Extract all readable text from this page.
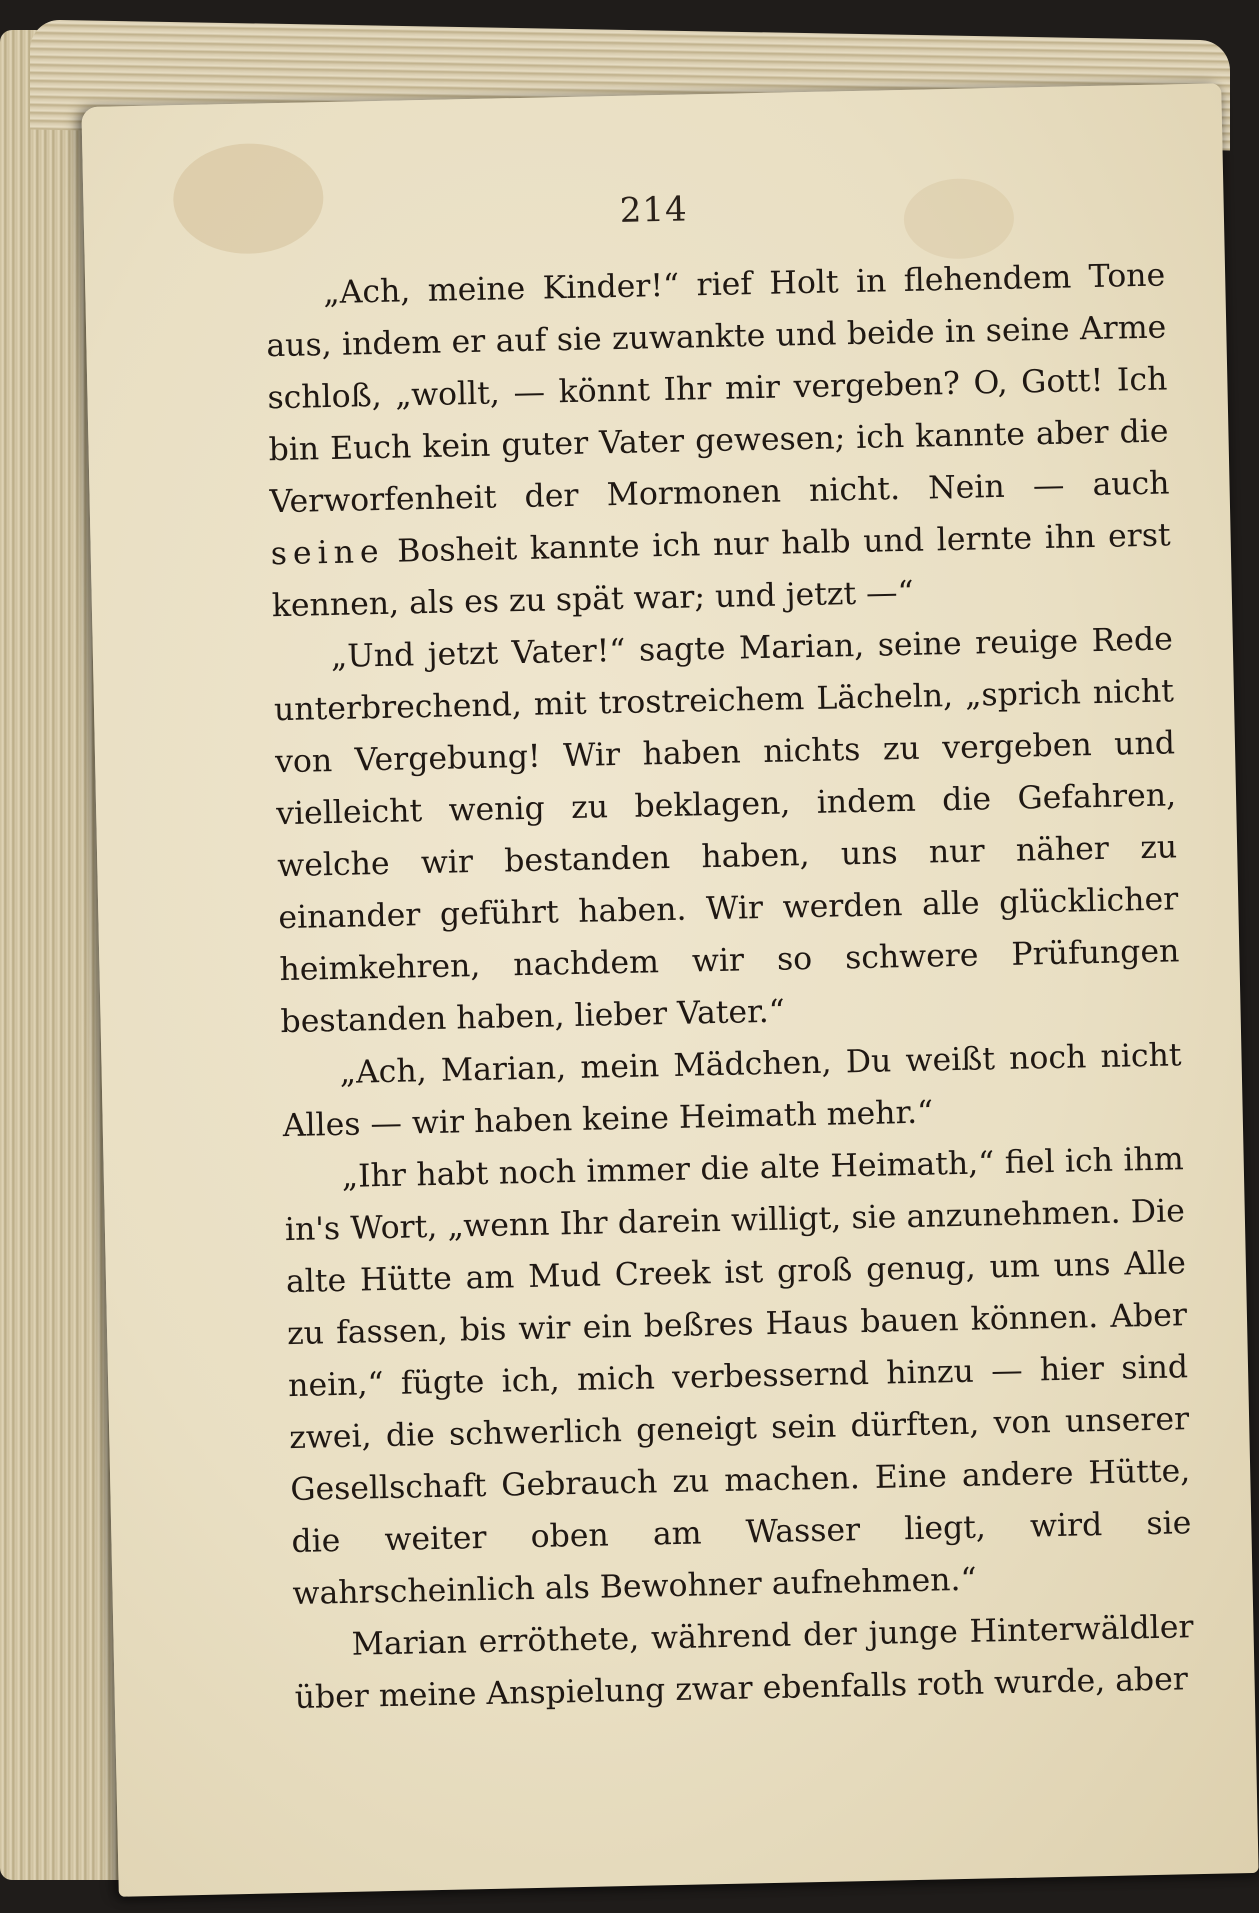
214

„Ach, meine Kinder!“ rief Holt in flehendem Tone aus, indem er auf sie zuwankte und beide in seine Arme schloß, „wollt, — könnt Ihr mir vergeben? O, Gott! Ich bin Euch kein guter Vater gewesen; ich kannte aber die Verworfenheit der Mormonen nicht. Nein — auch seine Bosheit kannte ich nur halb und lernte ihn erst kennen, als es zu spät war; und jetzt —“

„Und jetzt Vater!“ sagte Marian, seine reuige Rede unterbrechend, mit trostreichem Lächeln, „sprich nicht von Vergebung! Wir haben nichts zu vergeben und vielleicht wenig zu beklagen, indem die Gefahren, welche wir bestanden haben, uns nur näher zu einander geführt haben. Wir werden alle glücklicher heimkehren, nachdem wir so schwere Prüfungen bestanden haben, lieber Vater.“

„Ach, Marian, mein Mädchen, Du weißt noch nicht Alles — wir haben keine Heimath mehr.“

„Ihr habt noch immer die alte Heimath,“ fiel ich ihm in's Wort, „wenn Ihr darein willigt, sie anzunehmen. Die alte Hütte am Mud Creek ist groß genug, um uns Alle zu fassen, bis wir ein beßres Haus bauen können. Aber nein,“ fügte ich, mich verbessernd hinzu — hier sind zwei, die schwerlich geneigt sein dürften, von unserer Gesellschaft Gebrauch zu machen. Eine andere Hütte, die weiter oben am Wasser liegt, wird sie wahrscheinlich als Bewohner aufnehmen.“

Marian erröthete, während der junge Hinterwäldler über meine Anspielung zwar ebenfalls roth wurde, aber
